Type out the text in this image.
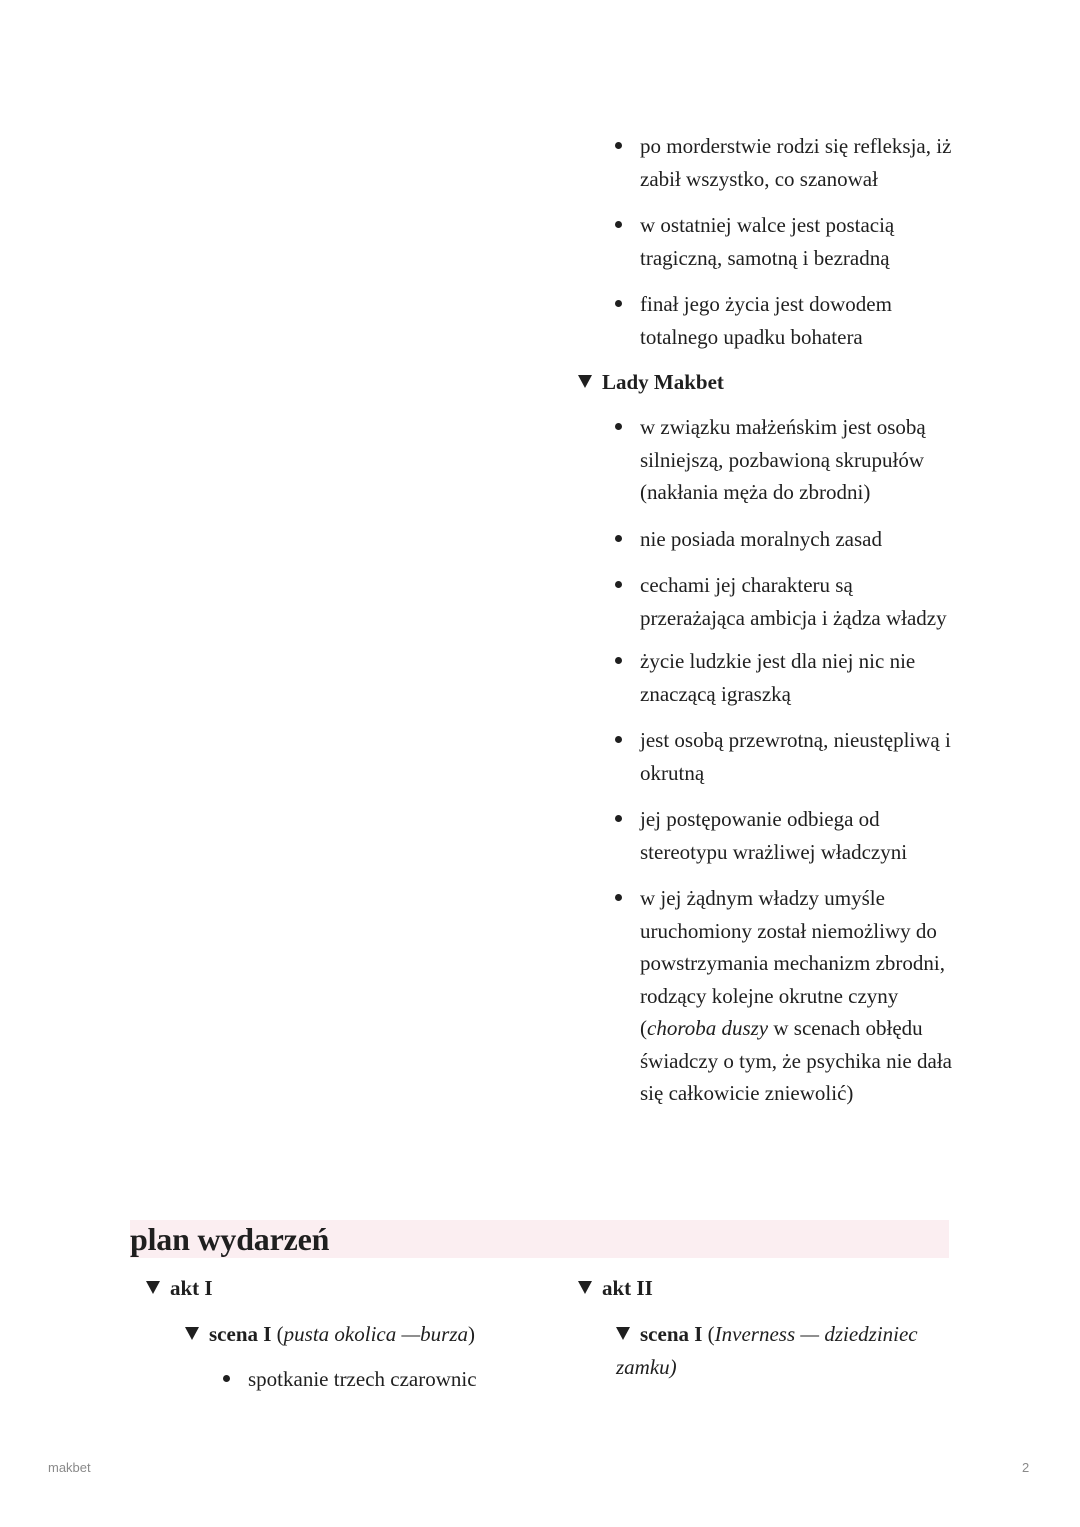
po morderstwie rodzi się refleksja, iż zabił wszystko, co szanował
w ostatniej walce jest postacią tragiczną, samotną i bezradną
finał jego życia jest dowodem totalnego upadku bohatera
Lady Makbet
w związku małżeńskim jest osobą silniejszą, pozbawioną skrupułów (nakłania męża do zbrodni)
nie posiada moralnych zasad
cechami jej charakteru są przerażająca ambicja i żądza władzy
życie ludzkie jest dla niej nic nie znaczącą igraszką
jest osobą przewrotną, nieustępliwą i okrutną
jej postępowanie odbiega od stereotypu wrażliwej władczyni
w jej żądnym władzy umyśle uruchomiony został niemożliwy do powstrzymania mechanizm zbrodni, rodzący kolejne okrutne czyny (choroba duszy w scenach obłędu świadczy o tym, że psychika nie dała się całkowicie zniewolić)
plan wydarzeń
akt I
scena I (pusta okolica —burza)
spotkanie trzech czarownic
akt II
scena I (Inverness — dziedziniec zamku)
makbet	2
